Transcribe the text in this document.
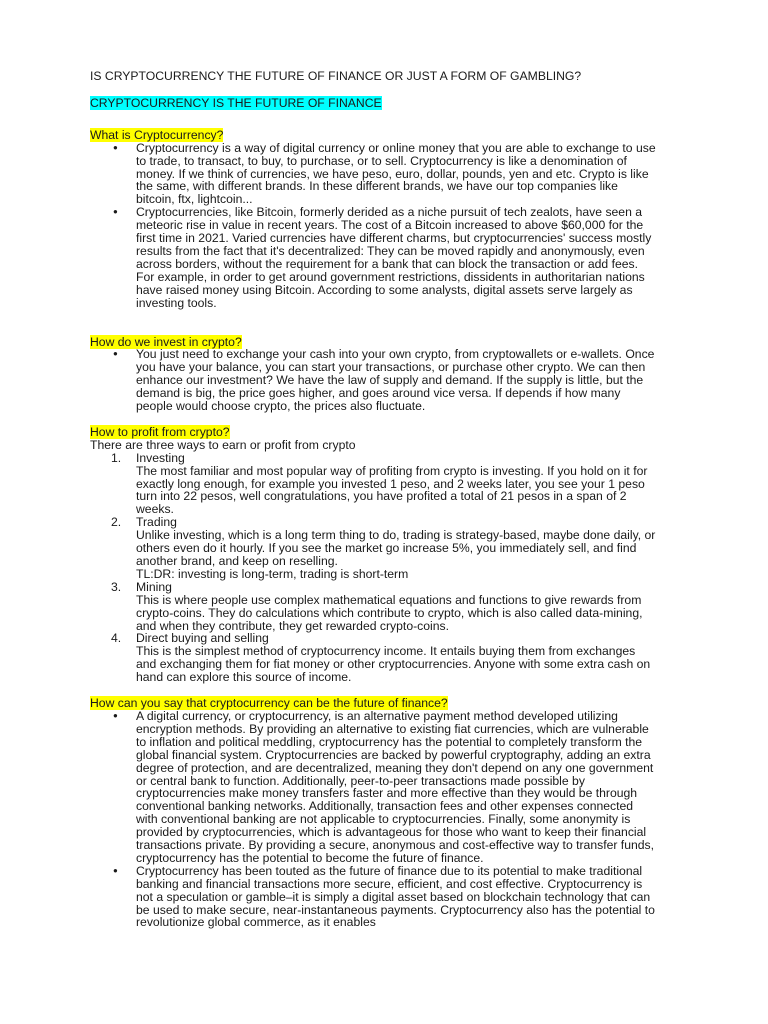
IS CRYPTOCURRENCY THE FUTURE OF FINANCE OR JUST A FORM OF GAMBLING?

CRYPTOCURRENCY IS THE FUTURE OF FINANCE

What is Cryptocurrency?

● Cryptocurrency is a way of digital currency or online money that you are able to exchange to use to trade, to transact, to buy, to purchase, or to sell. Cryptocurrency is like a denomination of money. If we think of currencies, we have peso, euro, dollar, pounds, yen and etc. Crypto is like the same, with different brands. In these different brands, we have our top companies like bitcoin, ftx, lightcoin...
● Cryptocurrencies, like Bitcoin, formerly derided as a niche pursuit of tech zealots, have seen a meteoric rise in value in recent years. The cost of a Bitcoin increased to above $60,000 for the first time in 2021. Varied currencies have different charms, but cryptocurrencies' success mostly results from the fact that it's decentralized: They can be moved rapidly and anonymously, even across borders, without the requirement for a bank that can block the transaction or add fees. For example, in order to get around government restrictions, dissidents in authoritarian nations have raised money using Bitcoin. According to some analysts, digital assets serve largely as investing tools.

How do we invest in crypto?

● You just need to exchange your cash into your own crypto, from cryptowallets or e-wallets. Once you have your balance, you can start your transactions, or purchase other crypto. We can then enhance our investment? We have the law of supply and demand. If the supply is little, but the demand is big, the price goes higher, and goes around vice versa. If depends if how many people would choose crypto, the prices also fluctuate.

How to profit from crypto?

There are three ways to earn or profit from crypto

1. Investing

The most familiar and most popular way of profiting from crypto is investing. If you hold on it for exactly long enough, for example you invested 1 peso, and 2 weeks later, you see your 1 peso turn into 22 pesos, well congratulations, you have profited a total of 21 pesos in a span of 2 weeks.

2. Trading

Unlike investing, which is a long term thing to do, trading is strategy-based, maybe done daily, or others even do it hourly. If you see the market go increase 5%, you immediately sell, and find another brand, and keep on reselling.

TL:DR: investing is long-term, trading is short-term

3. Mining

This is where people use complex mathematical equations and functions to give rewards from crypto-coins. They do calculations which contribute to crypto, which is also called data-mining, and when they contribute, they get rewarded crypto-coins.

4. Direct buying and selling

This is the simplest method of cryptocurrency income. It entails buying them from exchanges and exchanging them for fiat money or other cryptocurrencies. Anyone with some extra cash on hand can explore this source of income.

How can you say that cryptocurrency can be the future of finance?

● A digital currency, or cryptocurrency, is an alternative payment method developed utilizing encryption methods. By providing an alternative to existing fiat currencies, which are vulnerable to inflation and political meddling, cryptocurrency has the potential to completely transform the global financial system. Cryptocurrencies are backed by powerful cryptography, adding an extra degree of protection, and are decentralized, meaning they don't depend on any one government or central bank to function. Additionally, peer-to-peer transactions made possible by cryptocurrencies make money transfers faster and more effective than they would be through conventional banking networks. Additionally, transaction fees and other expenses connected with conventional banking are not applicable to cryptocurrencies. Finally, some anonymity is provided by cryptocurrencies, which is advantageous for those who want to keep their financial transactions private. By providing a secure, anonymous and cost-effective way to transfer funds, cryptocurrency has the potential to become the future of finance.
● Cryptocurrency has been touted as the future of finance due to its potential to make traditional banking and financial transactions more secure, efficient, and cost effective. Cryptocurrency is not a speculation or gamble–it is simply a digital asset based on blockchain technology that can be used to make secure, near-instantaneous payments. Cryptocurrency also has the potential to revolutionize global commerce, as it enables
